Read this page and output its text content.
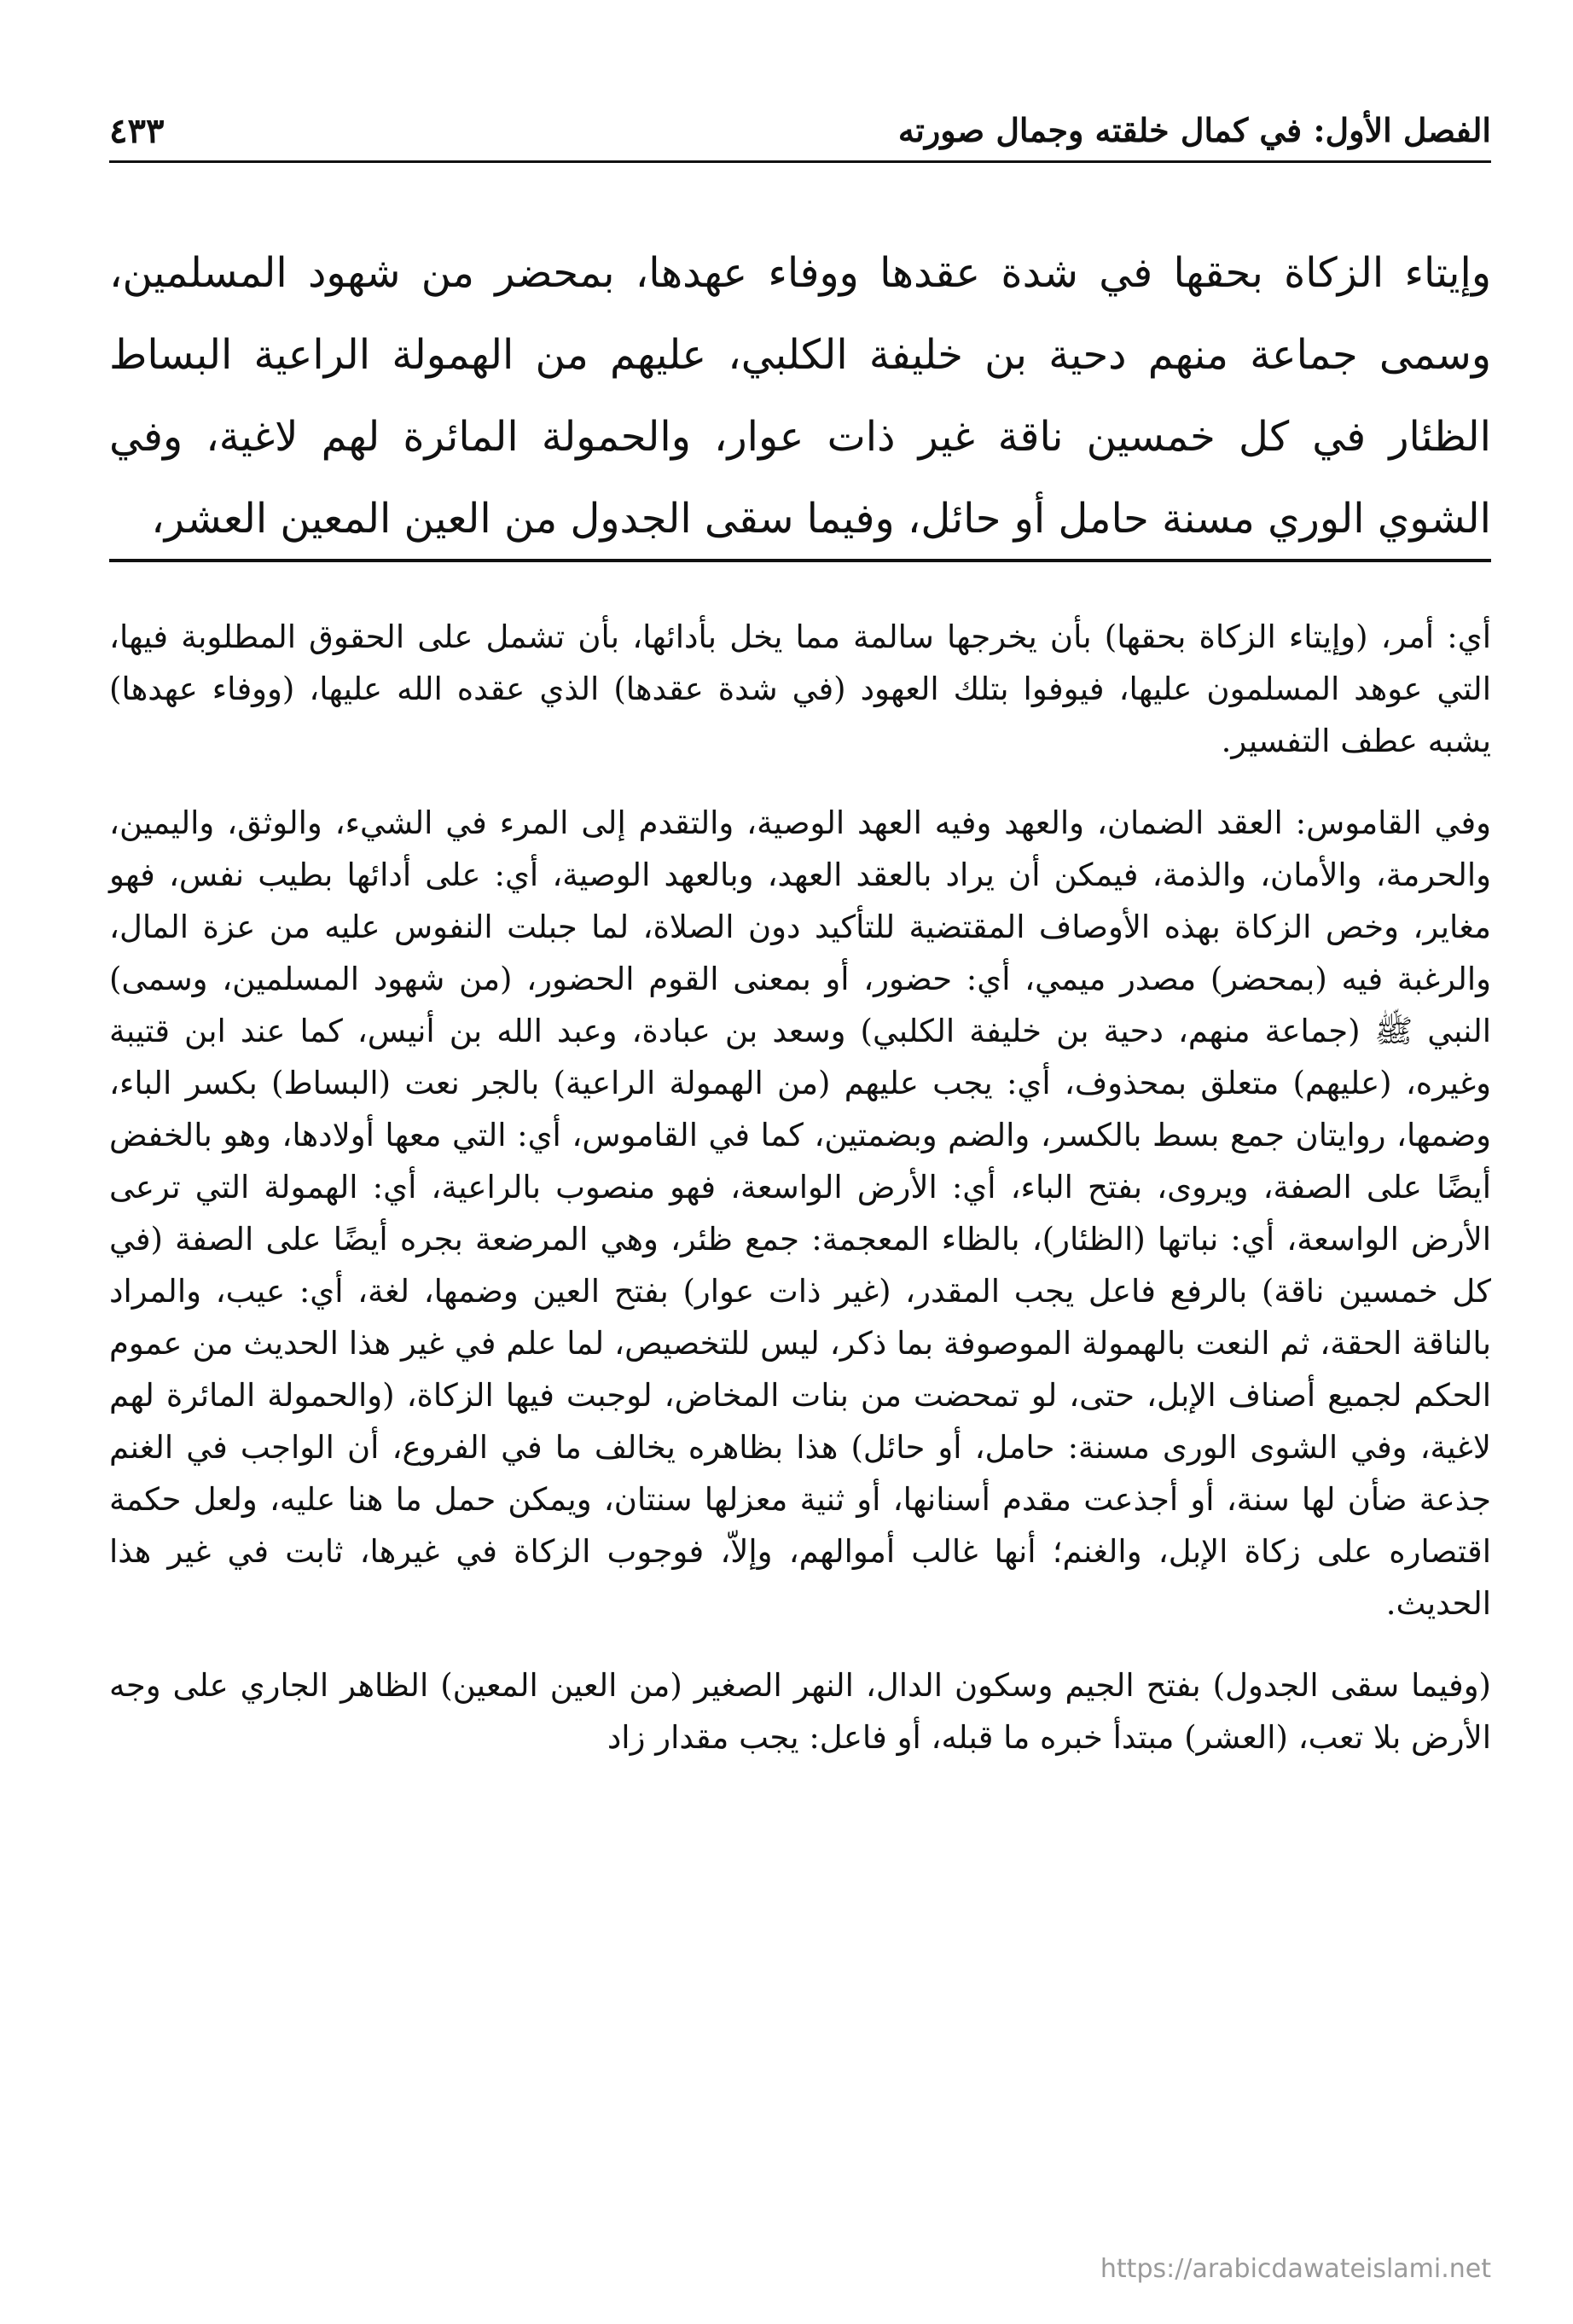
الفصل الأول: في كمال خلقته وجمال صورته
٤٣٣

وإيتاء الزكاة بحقها في شدة عقدها ووفاء عهدها، بمحضر من شهود المسلمين، وسمى جماعة منهم دحية بن خليفة الكلبي، عليهم من الهمولة الراعية البساط الظئار في كل خمسين ناقة غير ذات عوار، والحمولة المائرة لهم لاغية، وفي الشوي الوري مسنة حامل أو حائل، وفيما سقى الجدول من العين المعين العشر،

أي: أمر، (وإيتاء الزكاة بحقها) بأن يخرجها سالمة مما يخل بأدائها، بأن تشمل على الحقوق المطلوبة فيها، التي عوهد المسلمون عليها، فيوفوا بتلك العهود (في شدة عقدها) الذي عقده الله عليها، (ووفاء عهدها) يشبه عطف التفسير.

وفي القاموس: العقد الضمان، والعهد وفيه العهد الوصية، والتقدم إلى المرء في الشيء، والوثق، واليمين، والحرمة، والأمان، والذمة، فيمكن أن يراد بالعقد العهد، وبالعهد الوصية، أي: على أدائها بطيب نفس، فهو مغاير، وخص الزكاة بهذه الأوصاف المقتضية للتأكيد دون الصلاة، لما جبلت النفوس عليه من عزة المال، والرغبة فيه (بمحضر) مصدر ميمي، أي: حضور، أو بمعنى القوم الحضور، (من شهود المسلمين، وسمى) النبي ﷺ (جماعة منهم، دحية بن خليفة الكلبي) وسعد بن عبادة، وعبد الله بن أنيس، كما عند ابن قتيبة وغيره، (عليهم) متعلق بمحذوف، أي: يجب عليهم (من الهمولة الراعية) بالجر نعت (البساط) بكسر الباء، وضمها، روايتان جمع بسط بالكسر، والضم وبضمتين، كما في القاموس، أي: التي معها أولادها، وهو بالخفض أيضًا على الصفة، ويروى، بفتح الباء، أي: الأرض الواسعة، فهو منصوب بالراعية، أي: الهمولة التي ترعى الأرض الواسعة، أي: نباتها (الظئار)، بالظاء المعجمة: جمع ظئر، وهي المرضعة بجره أيضًا على الصفة (في كل خمسين ناقة) بالرفع فاعل يجب المقدر، (غير ذات عوار) بفتح العين وضمها، لغة، أي: عيب، والمراد بالناقة الحقة، ثم النعت بالهمولة الموصوفة بما ذكر، ليس للتخصيص، لما علم في غير هذا الحديث من عموم الحكم لجميع أصناف الإبل، حتى، لو تمحضت من بنات المخاض، لوجبت فيها الزكاة، (والحمولة المائرة لهم لاغية، وفي الشوى الورى مسنة: حامل، أو حائل) هذا بظاهره يخالف ما في الفروع، أن الواجب في الغنم جذعة ضأن لها سنة، أو أجذعت مقدم أسنانها، أو ثنية معزلها سنتان، ويمكن حمل ما هنا عليه، ولعل حكمة اقتصاره على زكاة الإبل، والغنم؛ أنها غالب أموالهم، وإلاّ، فوجوب الزكاة في غيرها، ثابت في غير هذا الحديث.

(وفيما سقى الجدول) بفتح الجيم وسكون الدال، النهر الصغير (من العين المعين) الظاهر الجاري على وجه الأرض بلا تعب، (العشر) مبتدأ خبره ما قبله، أو فاعل: يجب مقدار زاد

https://arabicdawateislami.net
